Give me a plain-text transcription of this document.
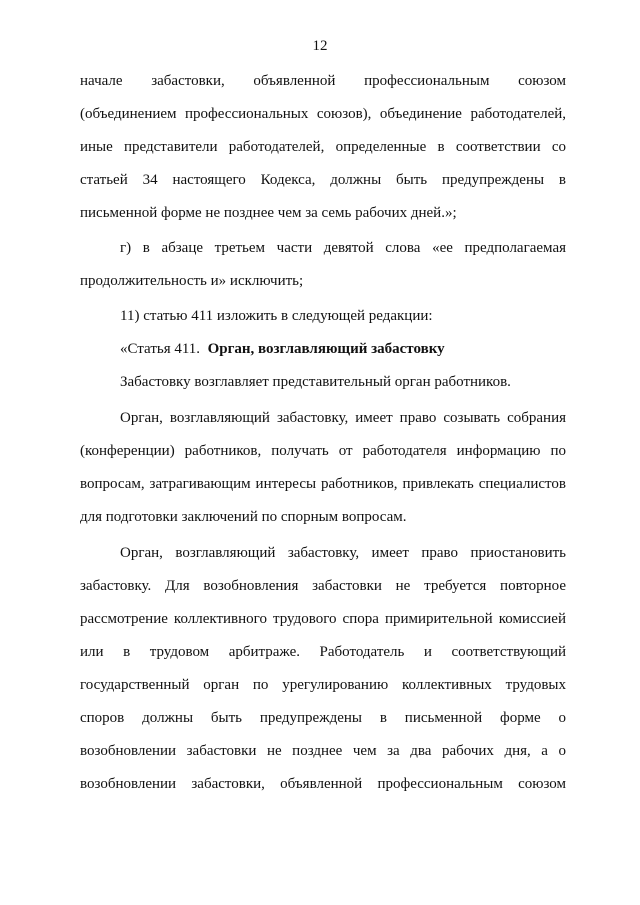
12
начале забастовки, объявленной профессиональным союзом
(объединением профессиональных союзов), объединение работодателей,
иные представители работодателей, определенные в соответствии со
статьей 34 настоящего Кодекса, должны быть предупреждены в
письменной форме не позднее чем за семь рабочих дней.»;
г) в абзаце третьем части девятой слова «ее предполагаемая
продолжительность и» исключить;
11) статью 411 изложить в следующей редакции:
«Статья 411. Орган, возглавляющий забастовку
Забастовку возглавляет представительный орган работников.
Орган, возглавляющий забастовку, имеет право созывать собрания
(конференции) работников, получать от работодателя информацию по
вопросам, затрагивающим интересы работников, привлекать специалистов
для подготовки заключений по спорным вопросам.
Орган, возглавляющий забастовку, имеет право приостановить
забастовку. Для возобновления забастовки не требуется повторное
рассмотрение коллективного трудового спора примирительной комиссией
или в трудовом арбитраже. Работодатель и соответствующий
государственный орган по урегулированию коллективных трудовых
споров должны быть предупреждены в письменной форме о
возобновлении забастовки не позднее чем за два рабочих дня, а о
возобновлении забастовки, объявленной профессиональным союзом
